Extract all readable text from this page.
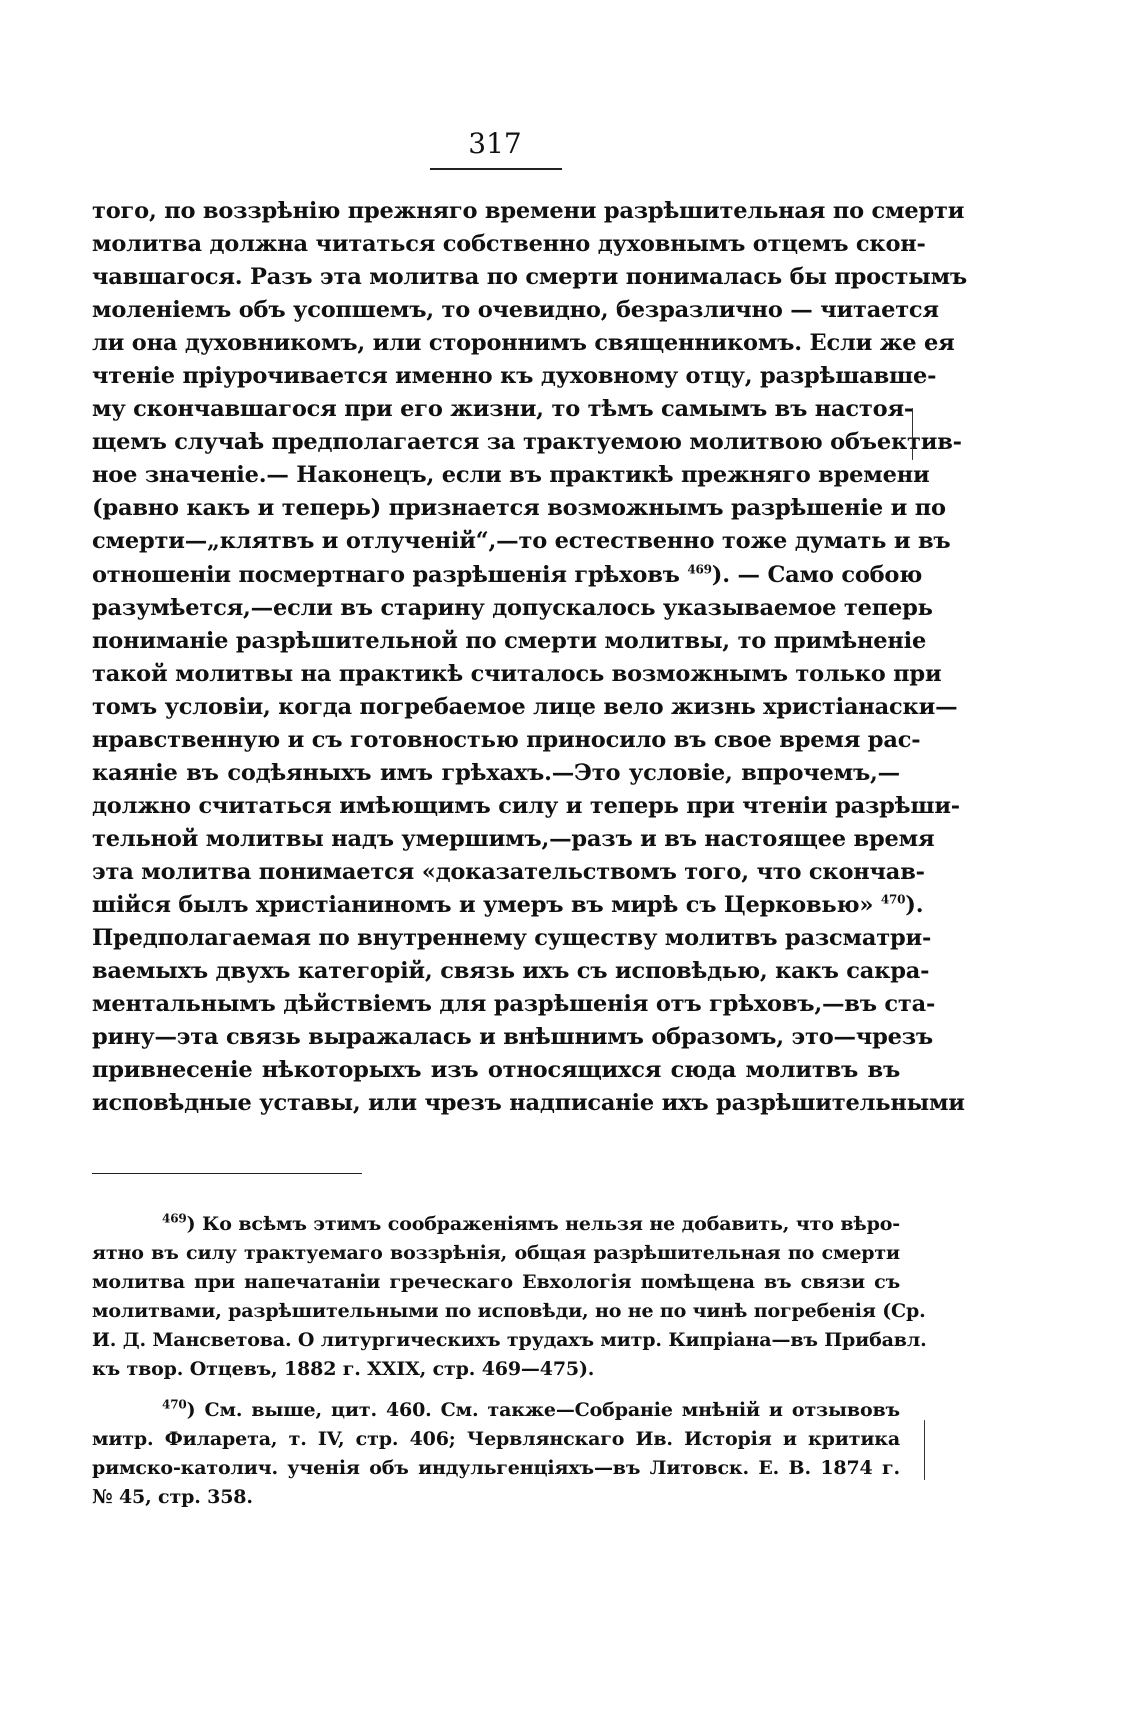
317
того, по воззрѣнію прежняго времени разрѣшительная по смерти
молитва должна читаться собственно духовнымъ отцемъ скон-
чавшагося. Разъ эта молитва по смерти понималась бы простымъ
моленіемъ объ усопшемъ, то очевидно, безразлично — читается
ли она духовникомъ, или стороннимъ священникомъ. Если же ея
чтеніе пріурочивается именно къ духовному отцу, разрѣшавше-
му скончавшагося при его жизни, то тѣмъ самымъ въ настоя-
щемъ случаѣ предполагается за трактуемою молитвою объектив-
ное значеніе.— Наконецъ, если въ практикѣ прежняго времени
(равно какъ и теперь) признается возможнымъ разрѣшеніе и по
смерти—„клятвъ и отлученій“,—то естественно тоже думать и въ
отношеніи посмертнаго разрѣшенія грѣховъ $^{469}$). — Само собою
разумѣется,—если въ старину допускалось указываемое теперь
пониманіе разрѣшительной по смерти молитвы, то примѣненіе
такой молитвы на практикѣ считалось возможнымъ только при
томъ условіи, когда погребаемое лице вело жизнь христіанаски—
нравственную и съ готовностью приносило въ свое время рас-
каяніе въ содѣяныхъ имъ грѣхахъ.—Это условіе, впрочемъ,—
должно считаться имѣющимъ силу и теперь при чтеніи разрѣши-
тельной молитвы надъ умершимъ,—разъ и въ настоящее время
эта молитва понимается «доказательствомъ того, что скончав-
шійся былъ христіаниномъ и умеръ въ мирѣ съ Церковью» $^{470}$).
Предполагаемая по внутреннему существу молитвъ разсматри-
ваемыхъ двухъ категорій, связь ихъ съ исповѣдью, какъ сакра-
ментальнымъ дѣйствіемъ для разрѣшенія отъ грѣховъ,—въ ста-
рину—эта связь выражалась и внѣшнимъ образомъ, это—чрезъ
привнесеніе нѣкоторыхъ изъ относящихся сюда молитвъ въ
исповѣдные уставы, или чрезъ надписаніе ихъ разрѣшительными
$^{469}$) Ко всѣмъ этимъ соображеніямъ нельзя не добавить, что вѣро-
ятно въ силу трактуемаго воззрѣнія, общая разрѣшительная по смерти
молитва при напечатаніи греческаго Евхологія помѣщена въ связи съ
молитвами, разрѣшительными по исповѣди, но не по чинѣ погребенія (Ср.
И. Д. Мансветова. О литургическихъ трудахъ митр. Кипріана—въ Прибавл.
къ твор. Отцевъ, 1882 г. XXIX, стр. 469—475).
$^{470}$) См. выше, цит. 460. См. также—Собраніе мнѣній и отзывовъ
митр. Филарета, т. IV, стр. 406; Червлянскаго Ив. Исторія и критика
римско-католич. ученія объ индульгенціяхъ—въ Литовск. Е. В. 1874 г.
№ 45, стр. 358.
